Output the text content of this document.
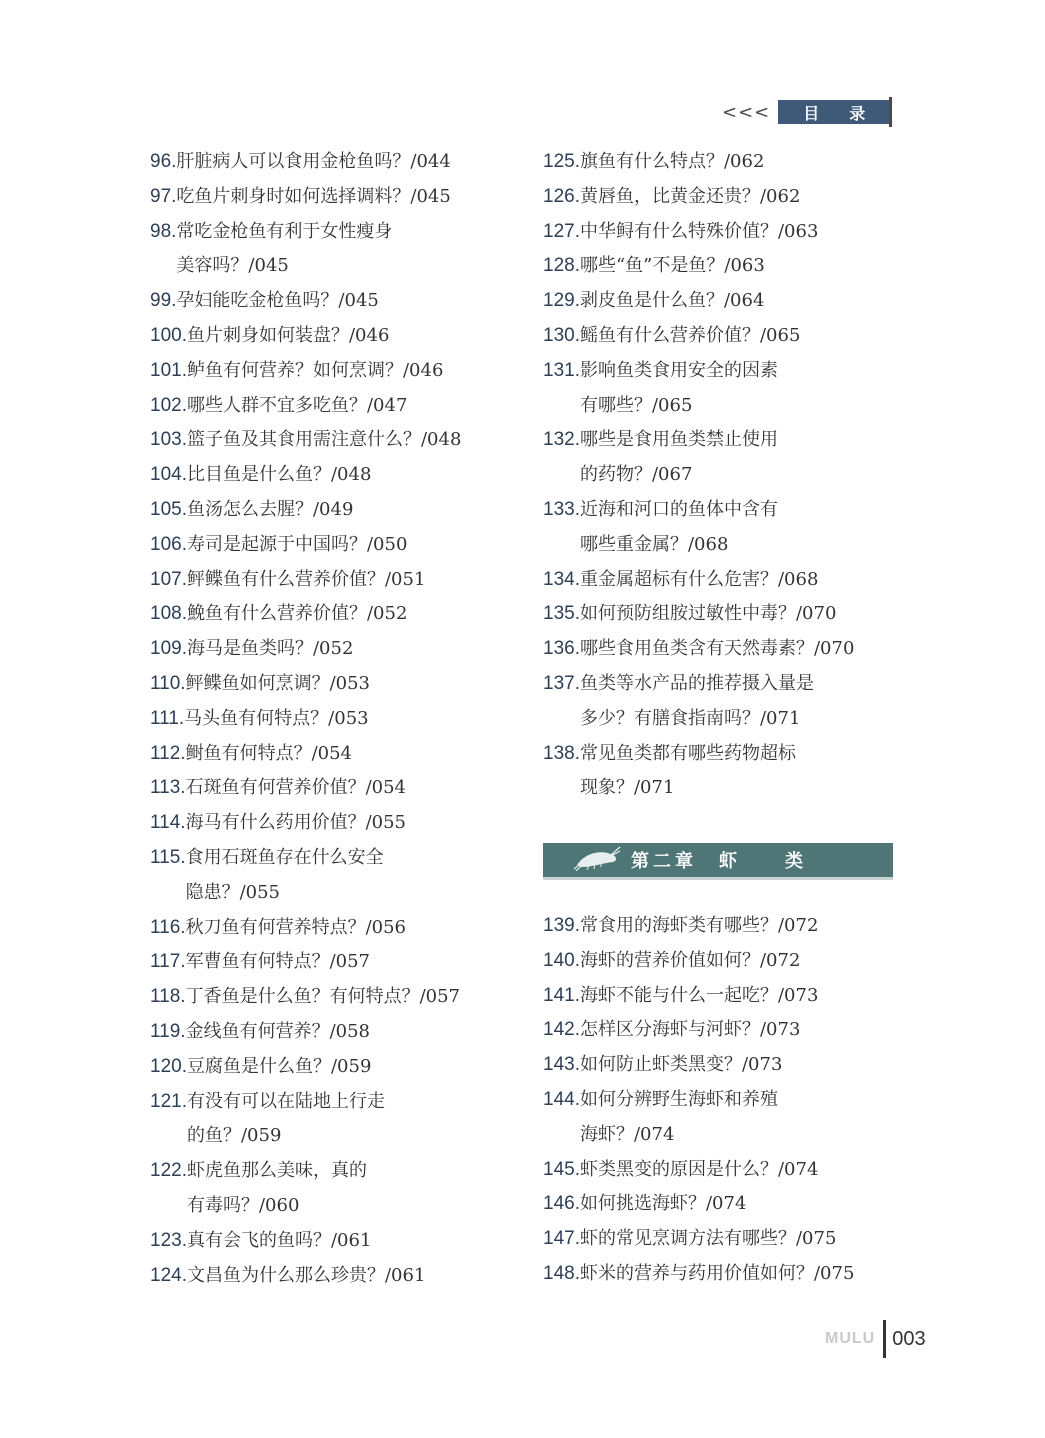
<<< 目 录
96. 肝脏病人可以食用金枪鱼吗？/044
97. 吃鱼片刺身时如何选择调料？/045
98. 常吃金枪鱼有利于女性瘦身
美容吗？/045
99. 孕妇能吃金枪鱼吗？/045
100. 鱼片刺身如何装盘？/046
101. 鲈鱼有何营养？如何烹调？/046
102. 哪些人群不宜多吃鱼？/047
103. 篮子鱼及其食用需注意什么？/048
104. 比目鱼是什么鱼？/048
105. 鱼汤怎么去腥？/049
106. 寿司是起源于中国吗？/050
107. 鲆鲽鱼有什么营养价值？/051
108. 鮸鱼有什么营养价值？/052
109. 海马是鱼类吗？/052
110. 鲆鲽鱼如何烹调？/053
111. 马头鱼有何特点？/053
112. 鲥鱼有何特点？/054
113. 石斑鱼有何营养价值？/054
114. 海马有什么药用价值？/055
115. 食用石斑鱼存在什么安全
隐患？/055
116. 秋刀鱼有何营养特点？/056
117. 军曹鱼有何特点？/057
118. 丁香鱼是什么鱼？有何特点？/057
119. 金线鱼有何营养？/058
120. 豆腐鱼是什么鱼？/059
121. 有没有可以在陆地上行走
的鱼？/059
122. 虾虎鱼那么美味，真的
有毒吗？/060
123. 真有会飞的鱼吗？/061
124. 文昌鱼为什么那么珍贵？/061
125. 旗鱼有什么特点？/062
126. 黄唇鱼，比黄金还贵？/062
127. 中华鲟有什么特殊价值？/063
128. 哪些“鱼”不是鱼？/063
129. 剥皮鱼是什么鱼？/064
130. 鳐鱼有什么营养价值？/065
131. 影响鱼类食用安全的因素
有哪些？/065
132. 哪些是食用鱼类禁止使用
的药物？/067
133. 近海和河口的鱼体中含有
哪些重金属？/068
134. 重金属超标有什么危害？/068
135. 如何预防组胺过敏性中毒？/070
136. 哪些食用鱼类含有天然毒素？/070
137. 鱼类等水产品的推荐摄入量是
多少？有膳食指南吗？/071
138. 常见鱼类都有哪些药物超标
现象？/071
第二章　虾　　类
139. 常食用的海虾类有哪些？/072
140. 海虾的营养价值如何？/072
141. 海虾不能与什么一起吃？/073
142. 怎样区分海虾与河虾？/073
143. 如何防止虾类黑变？/073
144. 如何分辨野生海虾和养殖
海虾？/074
145. 虾类黑变的原因是什么？/074
146. 如何挑选海虾？/074
147. 虾的常见烹调方法有哪些？/075
148. 虾米的营养与药用价值如何？/075
MULU 003
